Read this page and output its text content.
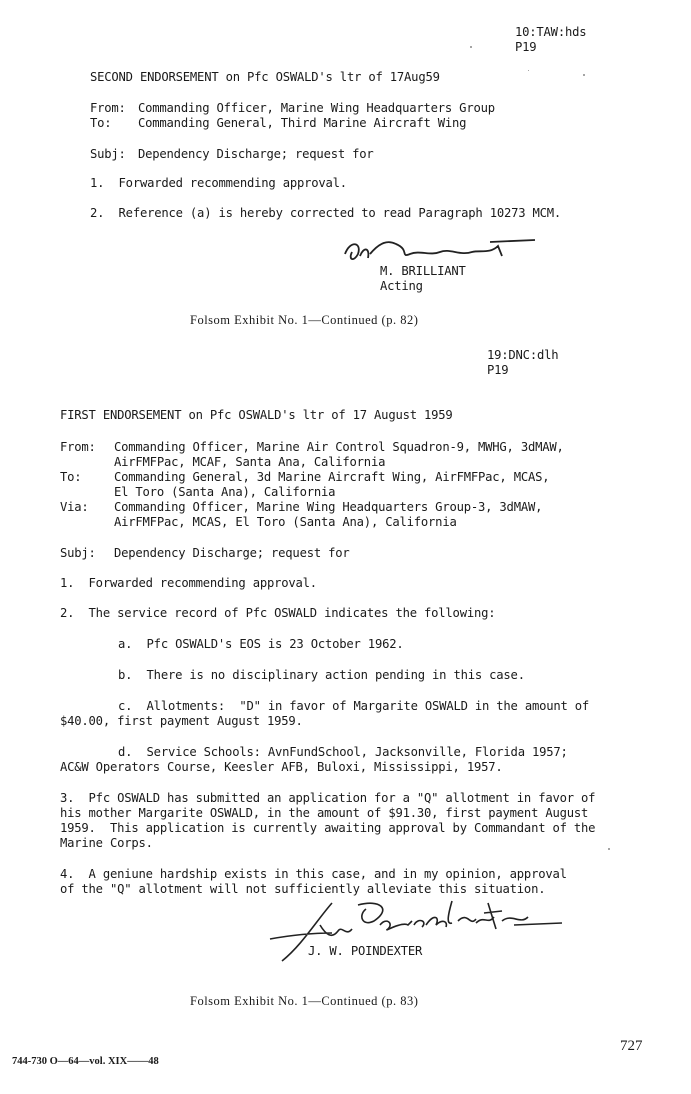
10:TAW:hds
P19
SECOND ENDORSEMENT on Pfc OSWALD's ltr of 17Aug59
From: Commanding Officer, Marine Wing Headquarters Group
To: Commanding General, Third Marine Aircraft Wing
Subj: Dependency Discharge; request for
1.  Forwarded recommending approval.
2.  Reference (a) is hereby corrected to read Paragraph 10273 MCM.
M. BRILLIANT
Acting
Folsom Exhibit No. 1—Continued (p. 82)
19:DNC:dlh
P19
FIRST ENDORSEMENT on Pfc OSWALD's ltr of 17 August 1959
From: Commanding Officer, Marine Air Control Squadron-9, MWHG, 3dMAW,
AirFMFPac, MCAF, Santa Ana, California
To:	Commanding General, 3d Marine Aircraft Wing, AirFMFPac, MCAS,
El Toro (Santa Ana), California
Via: Commanding Officer, Marine Wing Headquarters Group-3, 3dMAW,
AirFMFPac, MCAS, El Toro (Santa Ana), California
Subj: Dependency Discharge; request for
1.  Forwarded recommending approval.
2.  The service record of Pfc OSWALD indicates the following:
a.  Pfc OSWALD's EOS is 23 October 1962.
b.  There is no disciplinary action pending in this case.
c.  Allotments:  "D" in favor of Margarite OSWALD in the amount of
$40.00, first payment August 1959.
d.  Service Schools: AvnFundSchool, Jacksonville, Florida 1957;
AC&W Operators Course, Keesler AFB, Buloxi, Mississippi, 1957.
3.  Pfc OSWALD has submitted an application for a "Q" allotment in favor of
his mother Margarite OSWALD, in the amount of $91.30, first payment August
1959.  This application is currently awaiting approval by Commandant of the
Marine Corps.
4.  A geniune hardship exists in this case, and in my opinion, approval
of the "Q" allotment will not sufficiently alleviate this situation.
J. W. POINDEXTER
Folsom Exhibit No. 1—Continued (p. 83)
727
744-730 O—64—vol. XIX——48
